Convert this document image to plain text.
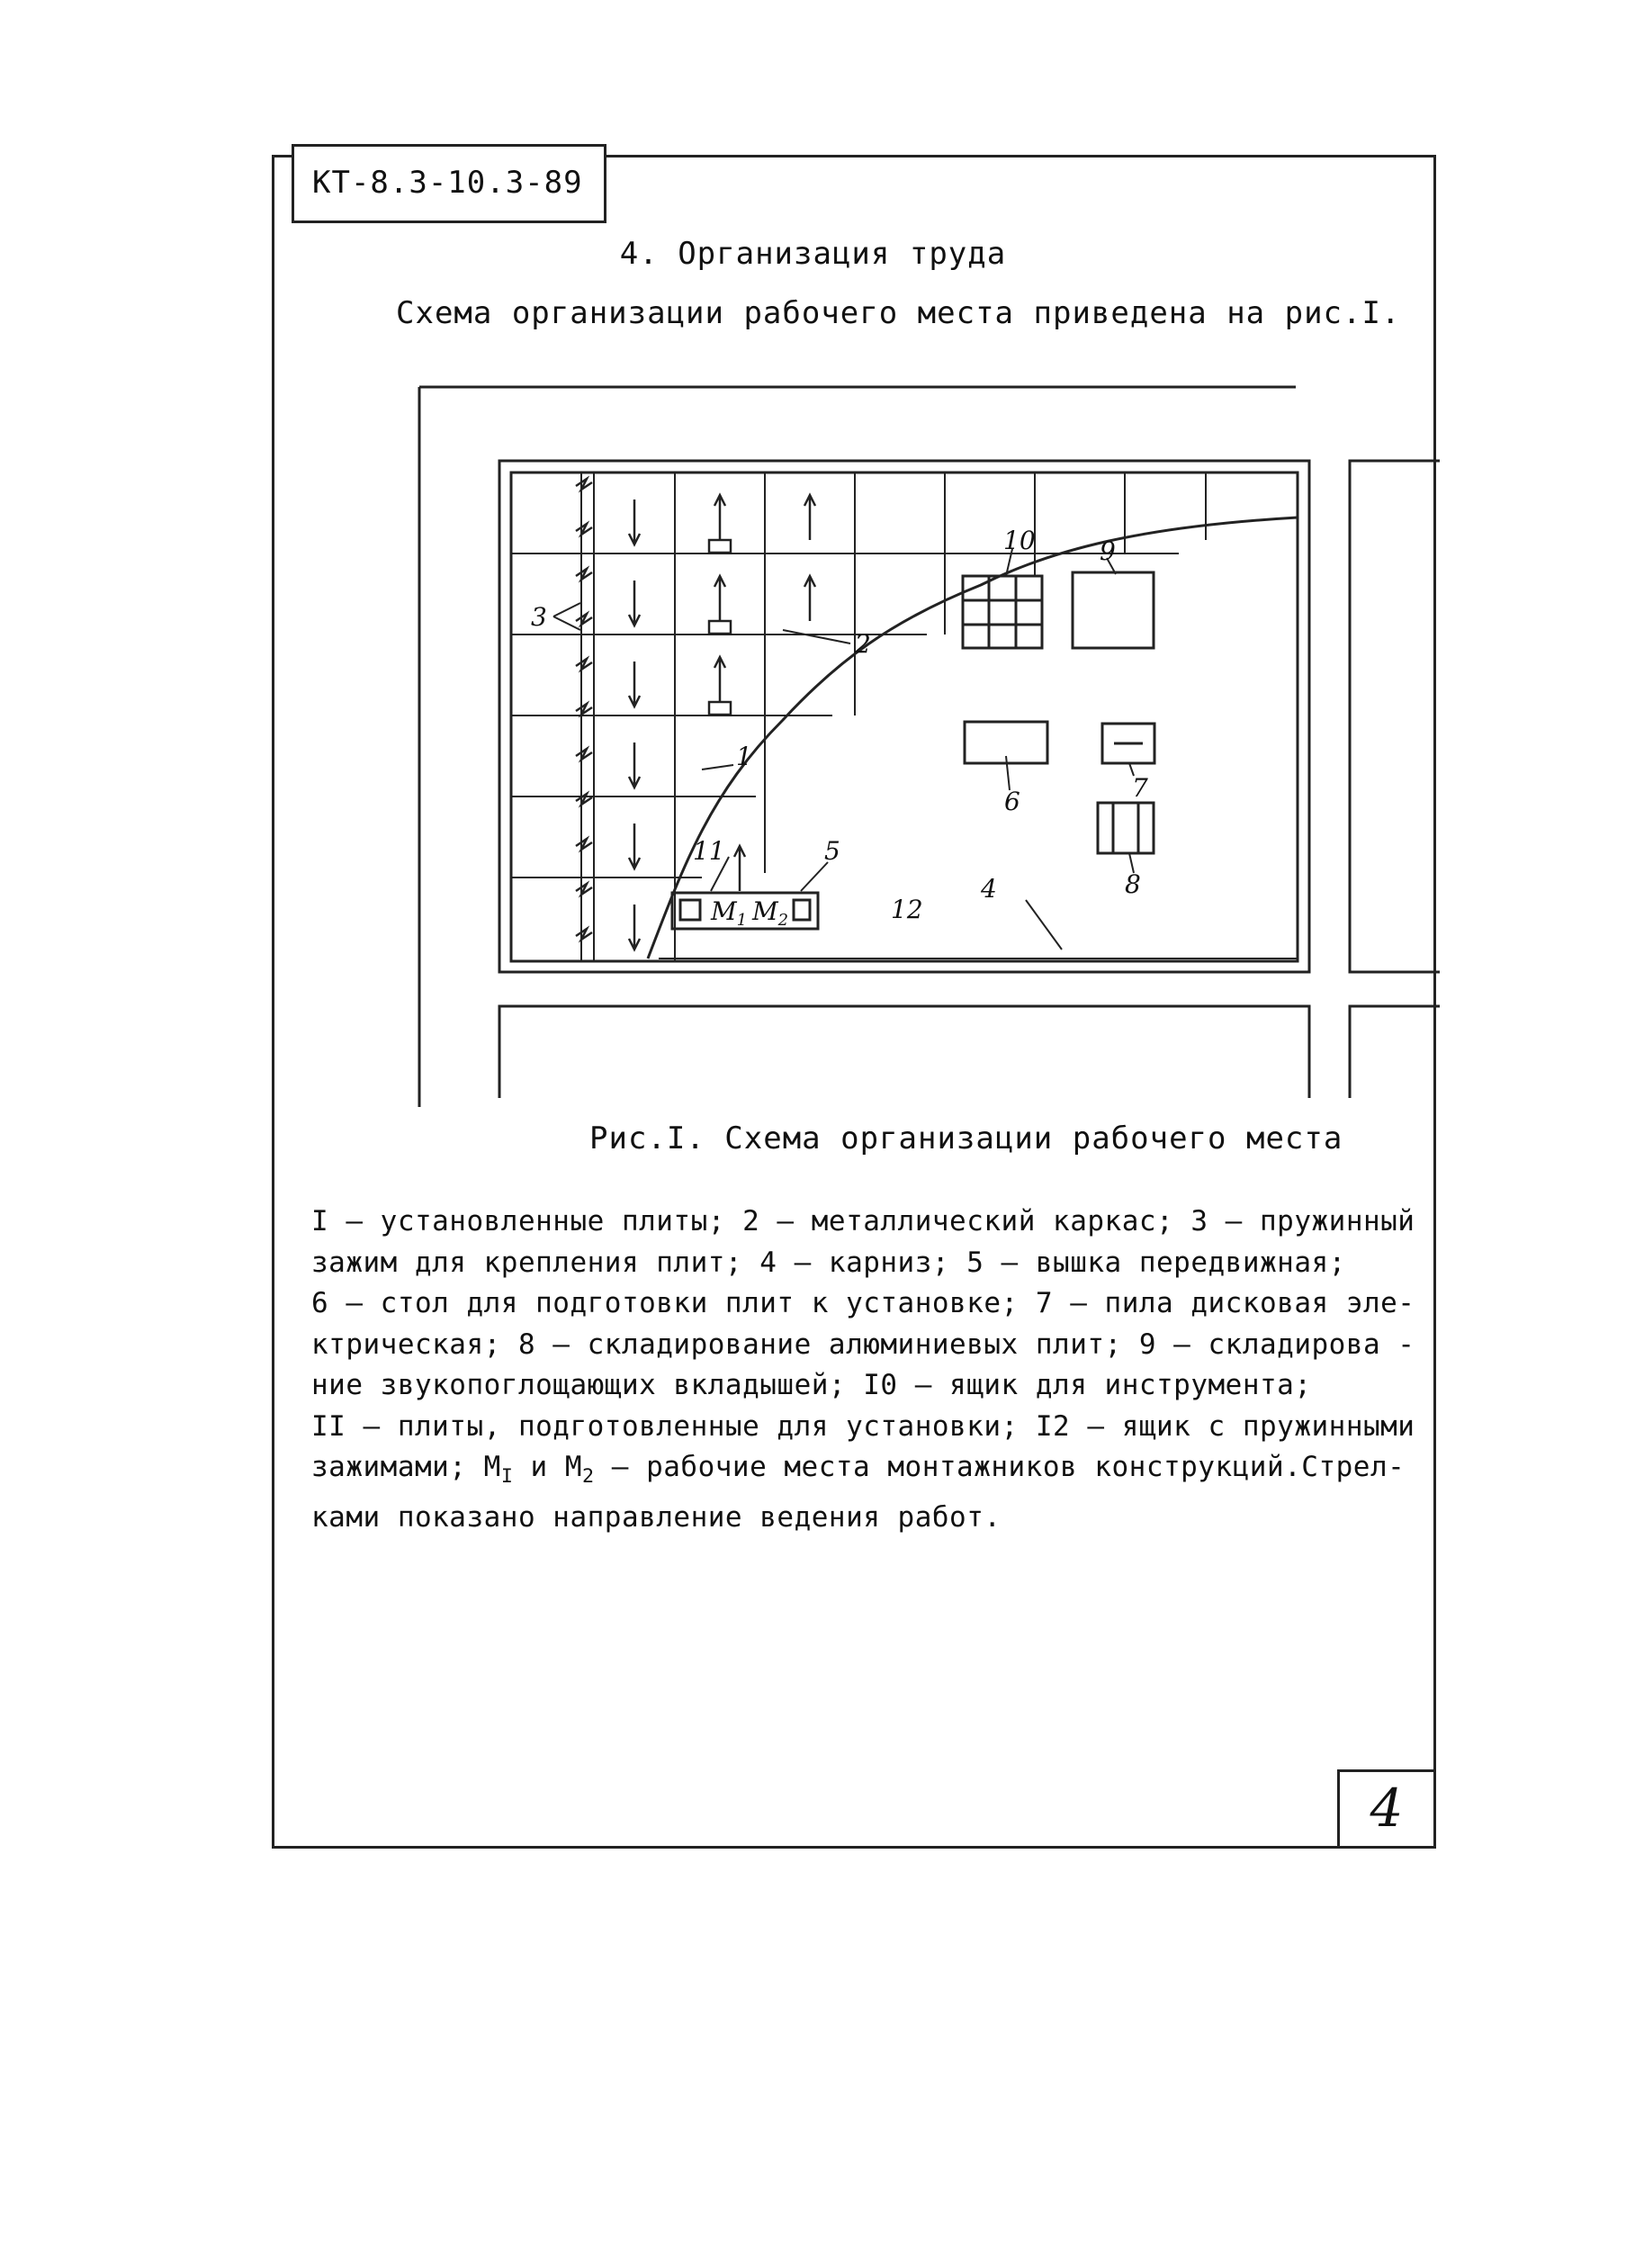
КТ-8.3-10.3-89
4. Организация труда
Схема организации рабочего места приведена на рис.I.
1
2
3
4
5
6	7
8
9
10
11
12
$M_1$ $M_2$
Рис.I. Схема организации рабочего места
I – установленные плиты; 2 – металлический каркас; 3 – пружинный
зажим для крепления плит; 4 – карниз; 5 – вышка передвижная;
6 – стол для подготовки плит к установке; 7 – пила дисковая эле-
ктрическая; 8 – складирование алюминиевых плит; 9 – складирова -
ние звукопоглощающих вкладышей; I0 – ящик для инструмента;
II – плиты, подготовленные для установки; I2 – ящик с пружинными
зажимами; $M_I$ и $M_2$ – рабочие места монтажников конструкций.Стрел-
ками показано направление ведения работ.
4
